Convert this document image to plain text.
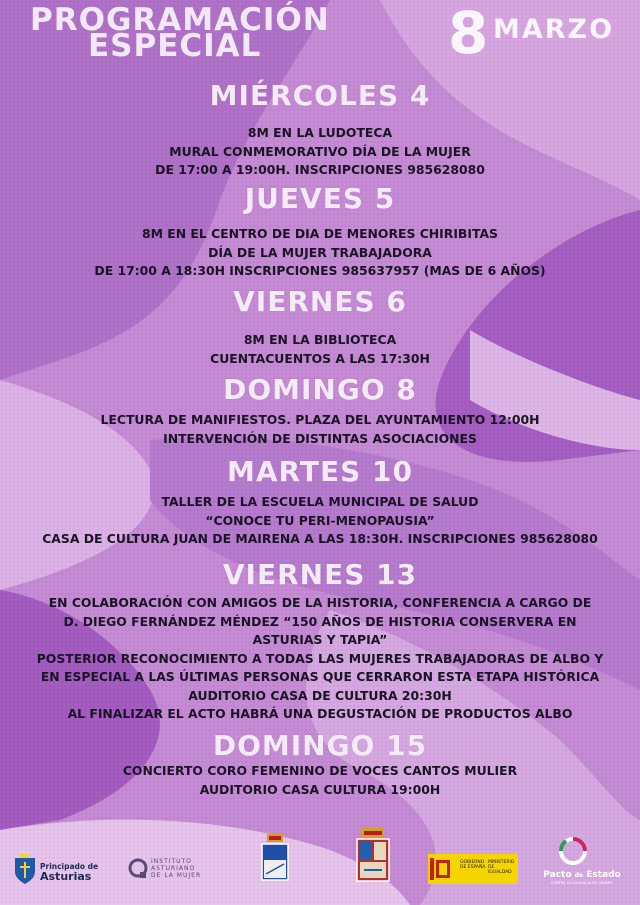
PROGRAMACIÓN
ESPECIAL	8 MARZO
MIÉRCOLES 4
8M EN LA LUDOTECA
MURAL CONMEMORATIVO DÍA DE LA MUJER
DE 17:00 A 19:00H. INSCRIPCIONES 985628080
JUEVES 5
8M EN EL CENTRO DE DIA DE MENORES CHIRIBITAS
DÍA DE LA MUJER TRABAJADORA
DE 17:00 A 18:30H INSCRIPCIONES 985637957 (MAS DE 6 AÑOS)
VIERNES 6
8M EN LA BIBLIOTECA
CUENTACUENTOS A LAS 17:30H
DOMINGO 8
LECTURA DE MANIFIESTOS. PLAZA DEL AYUNTAMIENTO 12:00H
INTERVENCIÓN DE DISTINTAS ASOCIACIONES
MARTES 10
TALLER DE LA ESCUELA MUNICIPAL DE SALUD
“CONOCE TU PERI-MENOPAUSIA”
CASA DE CULTURA JUAN DE MAIRENA A LAS 18:30H. INSCRIPCIONES 985628080
VIERNES 13
EN COLABORACIÓN CON AMIGOS DE LA HISTORIA, CONFERENCIA A CARGO DE
D. DIEGO FERNÁNDEZ MÉNDEZ “150 AÑOS DE HISTORIA CONSERVERA EN
ASTURIAS Y TAPIA”
POSTERIOR RECONOCIMIENTO A TODAS LAS MUJERES TRABAJADORAS DE ALBO Y
EN ESPECIAL A LAS ÚLTIMAS PERSONAS QUE CERRARON ESTA ETAPA HISTÓRICA
AUDITORIO CASA DE CULTURA 20:30H
AL FINALIZAR EL ACTO HABRÁ UNA DEGUSTACIÓN DE PRODUCTOS ALBO
DOMINGO 15
CONCIERTO CORO FEMENINO DE VOCES CANTOS MULIER
AUDITORIO CASA CULTURA 19:00H
Principado de
Asturias
INSTITUTO
ASTURIANO
DE LA MUJER
GOBIERNO
DE ESPAÑA
MINISTERIO
DE IGUALDAD	Pacto de Estado
CONTRA LA VIOLENCIA DE GÉNERO
